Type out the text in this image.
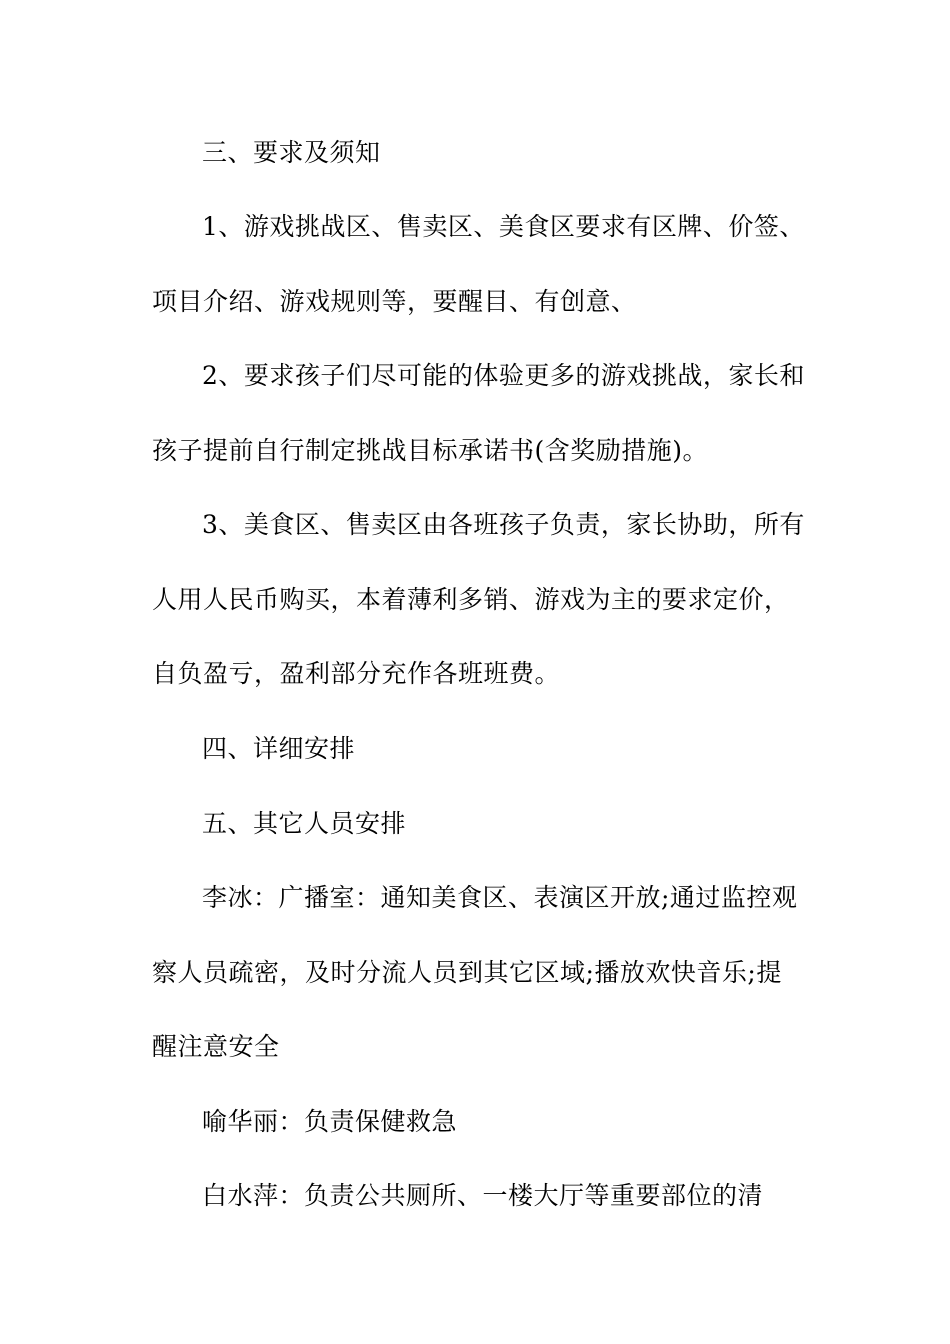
三、要求及须知
1、游戏挑战区、售卖区、美食区要求有区牌、价签、
项目介绍、游戏规则等，要醒目、有创意、
2、要求孩子们尽可能的体验更多的游戏挑战，家长和
孩子提前自行制定挑战目标承诺书(含奖励措施)。
3、美食区、售卖区由各班孩子负责，家长协助，所有
人用人民币购买，本着薄利多销、游戏为主的要求定价，
自负盈亏，盈利部分充作各班班费。
四、详细安排
五、其它人员安排
李冰：广播室：通知美食区、表演区开放;通过监控观
察人员疏密，及时分流人员到其它区域;播放欢快音乐;提
醒注意安全
喻华丽：负责保健救急
白水萍：负责公共厕所、一楼大厅等重要部位的清
